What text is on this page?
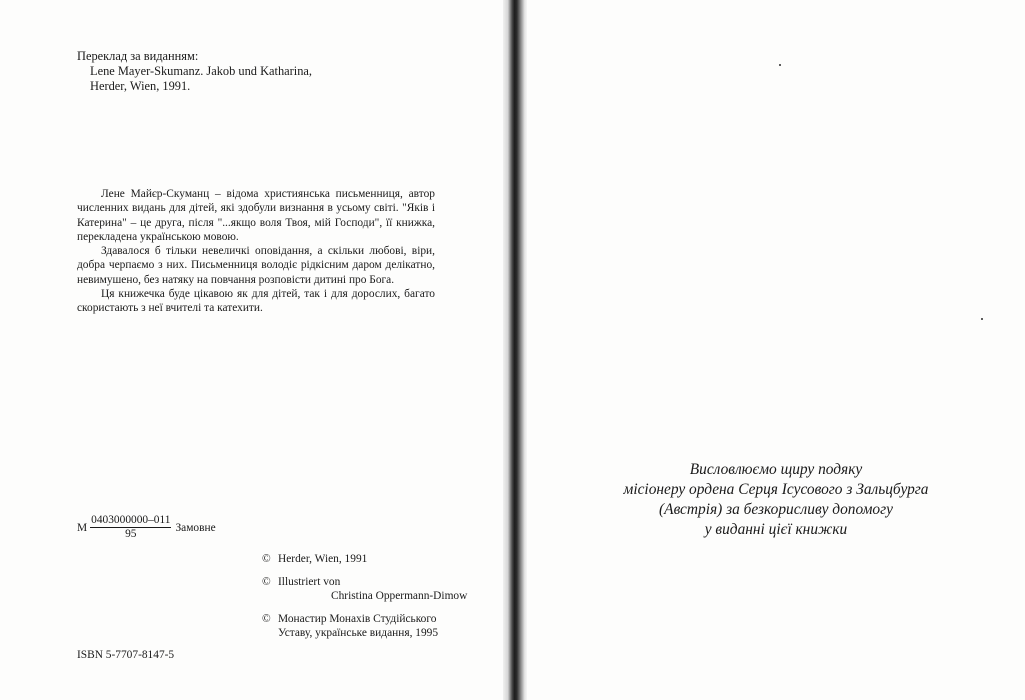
Переклад за виданням:
Lene Mayer-Skumanz. Jakob und Katharina,
Herder, Wien, 1991.

Лене Майєр-Скуманц – відома християнська письменниця, автор численних видань для дітей, які здобули визнання в усьому світі. "Яків і Катерина" – це друга, після "...якщо воля Твоя, мій Господи", її книжка, перекладена українською мовою.

Здавалося б тільки невеличкі оповідання, а скільки любові, віри, добра черпаємо з них. Письменниця володіє рідкісним даром делікатно, невимушено, без натяку на повчання розповісти дитині про Бога.

Ця книжечка буде цікавою як для дітей, так і для дорослих, багато скористають з неї вчителі та катехити.

М $\frac{0403000000-011}{95}$ Замовне
© Herder, Wien, 1991
© Illustriert von
Christina Oppermann-Dimow
© Монастир Монахів Студійського
Уставу, українське видання, 1995
ISBN 5-7707-8147-5
Висловлюємо щиру подяку
місіонеру ордена Серця Ісусового з Зальцбурга
(Австрія) за безкорисливу допомогу
у виданні цієї книжки
